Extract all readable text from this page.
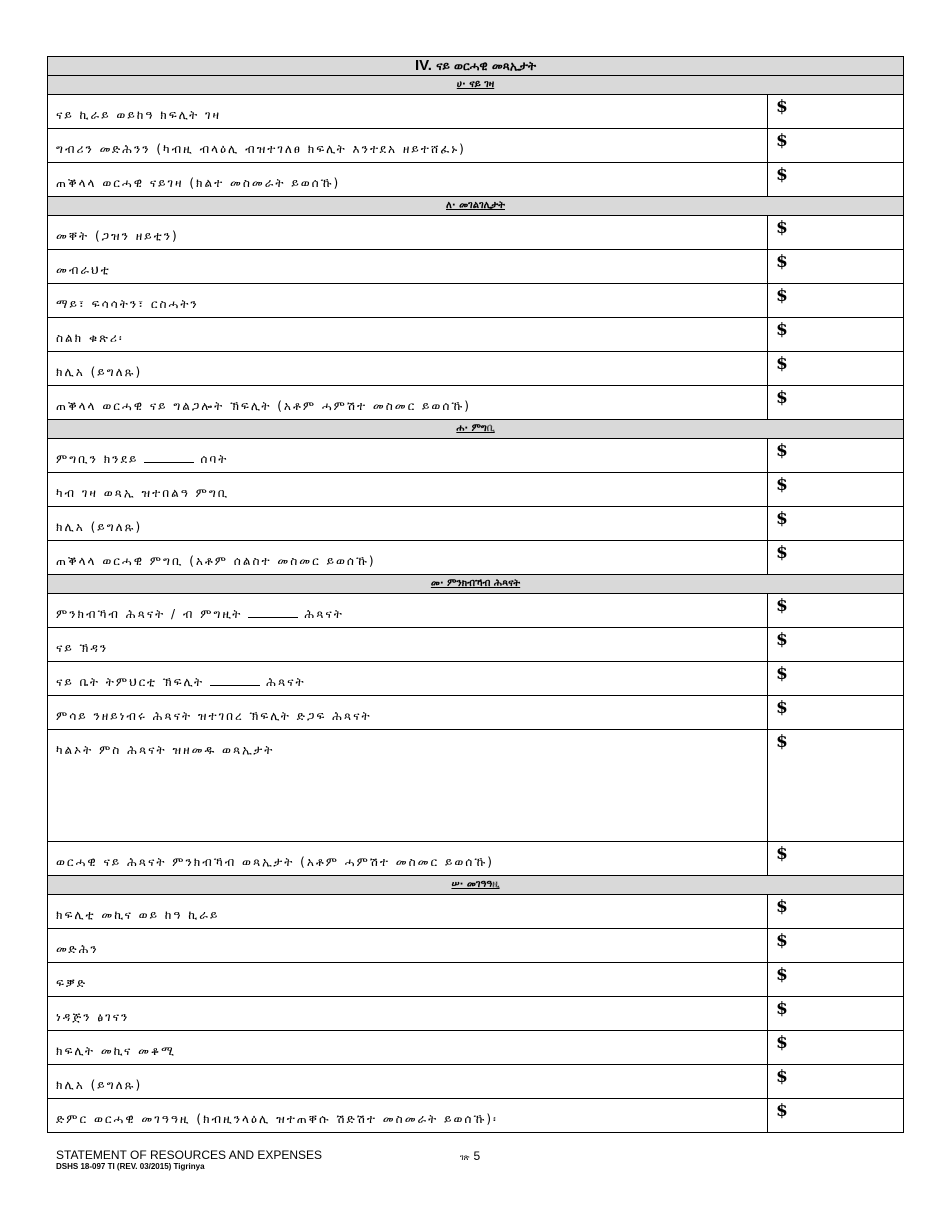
IV. ናይ ወርሓዊ መጻኢታት	
ሀ· ናይ ገዛ	
ናይ ኪራይ ወይከዓ ክፍሊት ገዛ	$
ግብሪን መድሕንን (ካብዚ ብላዕሊ ብዝተገለፀ ክፍሊት እንተደአ ዘይተሸፈኑ)	$
ጠቕላላ ወርሓዊ ናይገዛ (ክልተ መስመራት ይወሰኹ)	$
ለ· መገልገሊታት	
መቐት (ጋዝን ዘይቲን)	$
መብራህቲ	$
ማይ፣ ፍሳሳትን፣ ርስሓትን	$
ስልክ ቁጽሪ፡	$
ክሊአ (ይግለጹ)	$
ጠቕላላ ወርሓዊ ናይ ግልጋሎት ኽፍሊት (አቶም ሓምሽተ መስመር ይወሰኹ)	$
ሐ· ምግቢ	
ምግቢን ክንደይ ሰባት	$
ካብ ገዛ ወጻኢ ዝተበልዓ ምግቢ	$
ክሊአ (ይግለጹ)	$
ጠቕላላ ወርሓዊ ምግቢ (አቶም ሰልስተ መስመር ይወሰኹ)	$
መ· ምንክብኻብ ሕጻናት	
ምንክብኻብ ሕጻናት / ብ ምግዚት ሕጻናት	$
ናይ ኽዳን	$
ናይ ቤት ትምህርቲ ኽፍሊት ሕጻናት	$
ምሳይ ንዘይነብሩ ሕጻናት ዝተገበረ ኽፍሊት ድጋፍ ሕጻናት	$
ካልኦት ምስ ሕጻናት ዝዘመዱ ወጻኢታት	$
ወርሓዊ ናይ ሕጻናት ምንክብኻብ ወጻኢታት (አቶም ሓምሽተ መስመር ይወሰኹ)	$
ሠ· መገዓዓዚ	
ክፍሊቲ መኪና ወይ ከዓ ኪራይ	$
መድሕን	$
ፍቓድ	$
ነዳጅን ፅገናን	$
ክፍሊት መኪና መቆሚ	$
ክሊአ (ይግለጹ)	$
ድምር ወርሓዊ መገዓዓዚ (ክብዚንላዕሊ ዝተጠቐሱ ሽድሽተ መስመራት ይወሰኹ)፡	$
STATEMENT OF RESOURCES AND EXPENSES
DSHS 18-097 TI (REV. 03/2015) Tigrinya
ገጽ 5
